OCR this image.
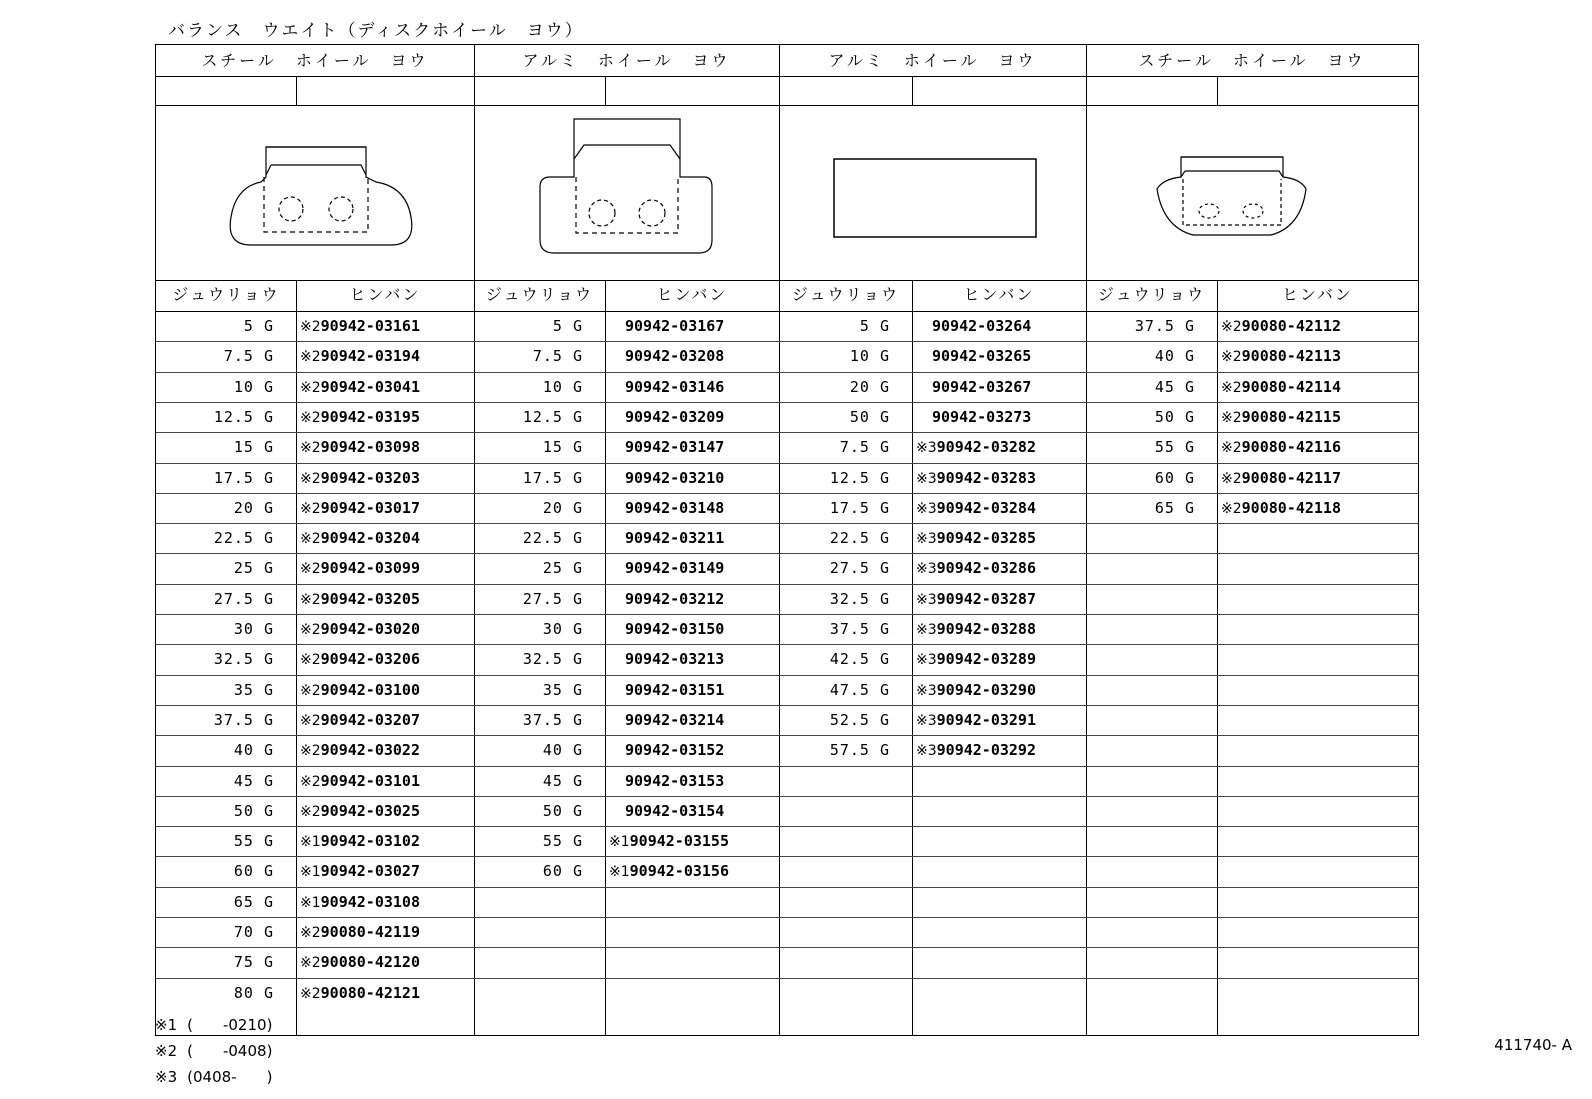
バランス　ウエイト（ディスクホイール　ヨウ）
スチール　ホイール　ヨウ
ジュウリョウ	ヒンバン
5 G ※290942-03161
7.5 G ※290942-03194
10 G ※290942-03041
12.5 G ※290942-03195
15 G ※290942-03098
17.5 G ※290942-03203
20 G ※290942-03017
22.5 G ※290942-03204
25 G ※290942-03099
27.5 G ※290942-03205
30 G ※290942-03020
32.5 G ※290942-03206
35 G ※290942-03100
37.5 G ※290942-03207
40 G ※290942-03022
45 G ※290942-03101
50 G ※290942-03025
55 G ※190942-03102
60 G ※190942-03027
65 G ※190942-03108
70 G ※290080-42119
75 G ※290080-42120
80 G ※290080-42121
アルミ　ホイール　ヨウ
ジュウリョウ	ヒンバン
5 G	90942-03167
7.5 G	90942-03208
10 G	90942-03146
12.5 G	90942-03209
15 G	90942-03147
17.5 G	90942-03210
20 G	90942-03148
22.5 G	90942-03211
25 G	90942-03149
27.5 G	90942-03212
30 G	90942-03150
32.5 G	90942-03213
35 G	90942-03151
37.5 G	90942-03214
40 G	90942-03152
45 G	90942-03153
50 G	90942-03154
55 G ※190942-03155
60 G ※190942-03156
アルミ　ホイール　ヨウ
ジュウリョウ	ヒンバン
5 G	90942-03264
10 G	90942-03265
20 G	90942-03267
50 G	90942-03273
7.5 G ※390942-03282
12.5 G ※390942-03283
17.5 G ※390942-03284
22.5 G ※390942-03285
27.5 G ※390942-03286
32.5 G ※390942-03287
37.5 G ※390942-03288
42.5 G ※390942-03289
47.5 G ※390942-03290
52.5 G ※390942-03291
57.5 G ※390942-03292
スチール　ホイール　ヨウ
ジュウリョウ	ヒンバン
37.5 G ※290080-42112
40 G ※290080-42113
45 G ※290080-42114
50 G ※290080-42115
55 G ※290080-42116
60 G ※290080-42117
65 G ※290080-42118
※1 (　　-0210)
※2 (　　-0408)
※3 (0408-　　)
411740- A
